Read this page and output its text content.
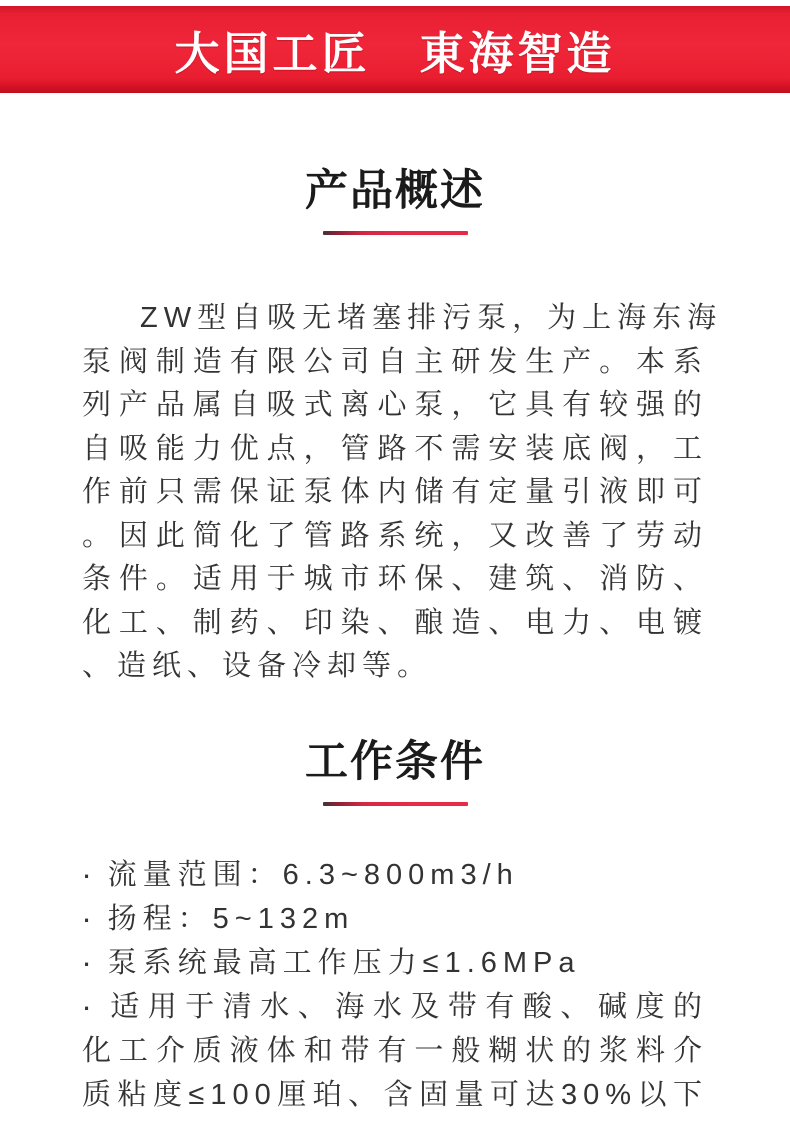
大国工匠　東海智造
产品概述
ZW型自吸无堵塞排污泵，为上海东海
泵阀制造有限公司自主研发生产。本系
列产品属自吸式离心泵，它具有较强的
自吸能力优点，管路不需安装底阀，工
作前只需保证泵体内储有定量引液即可
。因此简化了管路系统，又改善了劳动
条件。适用于城市环保、建筑、消防、
化工、制药、印染、酿造、电力、电镀
、造纸、设备冷却等。
工作条件
· 流量范围：6.3~800m3/h
· 扬程：5~132m
· 泵系统最高工作压力≤1.6MPa
· 适用于清水、海水及带有酸、碱度的
化工介质液体和带有一般糊状的浆料介
质粘度≤100厘珀、含固量可达30%以下
